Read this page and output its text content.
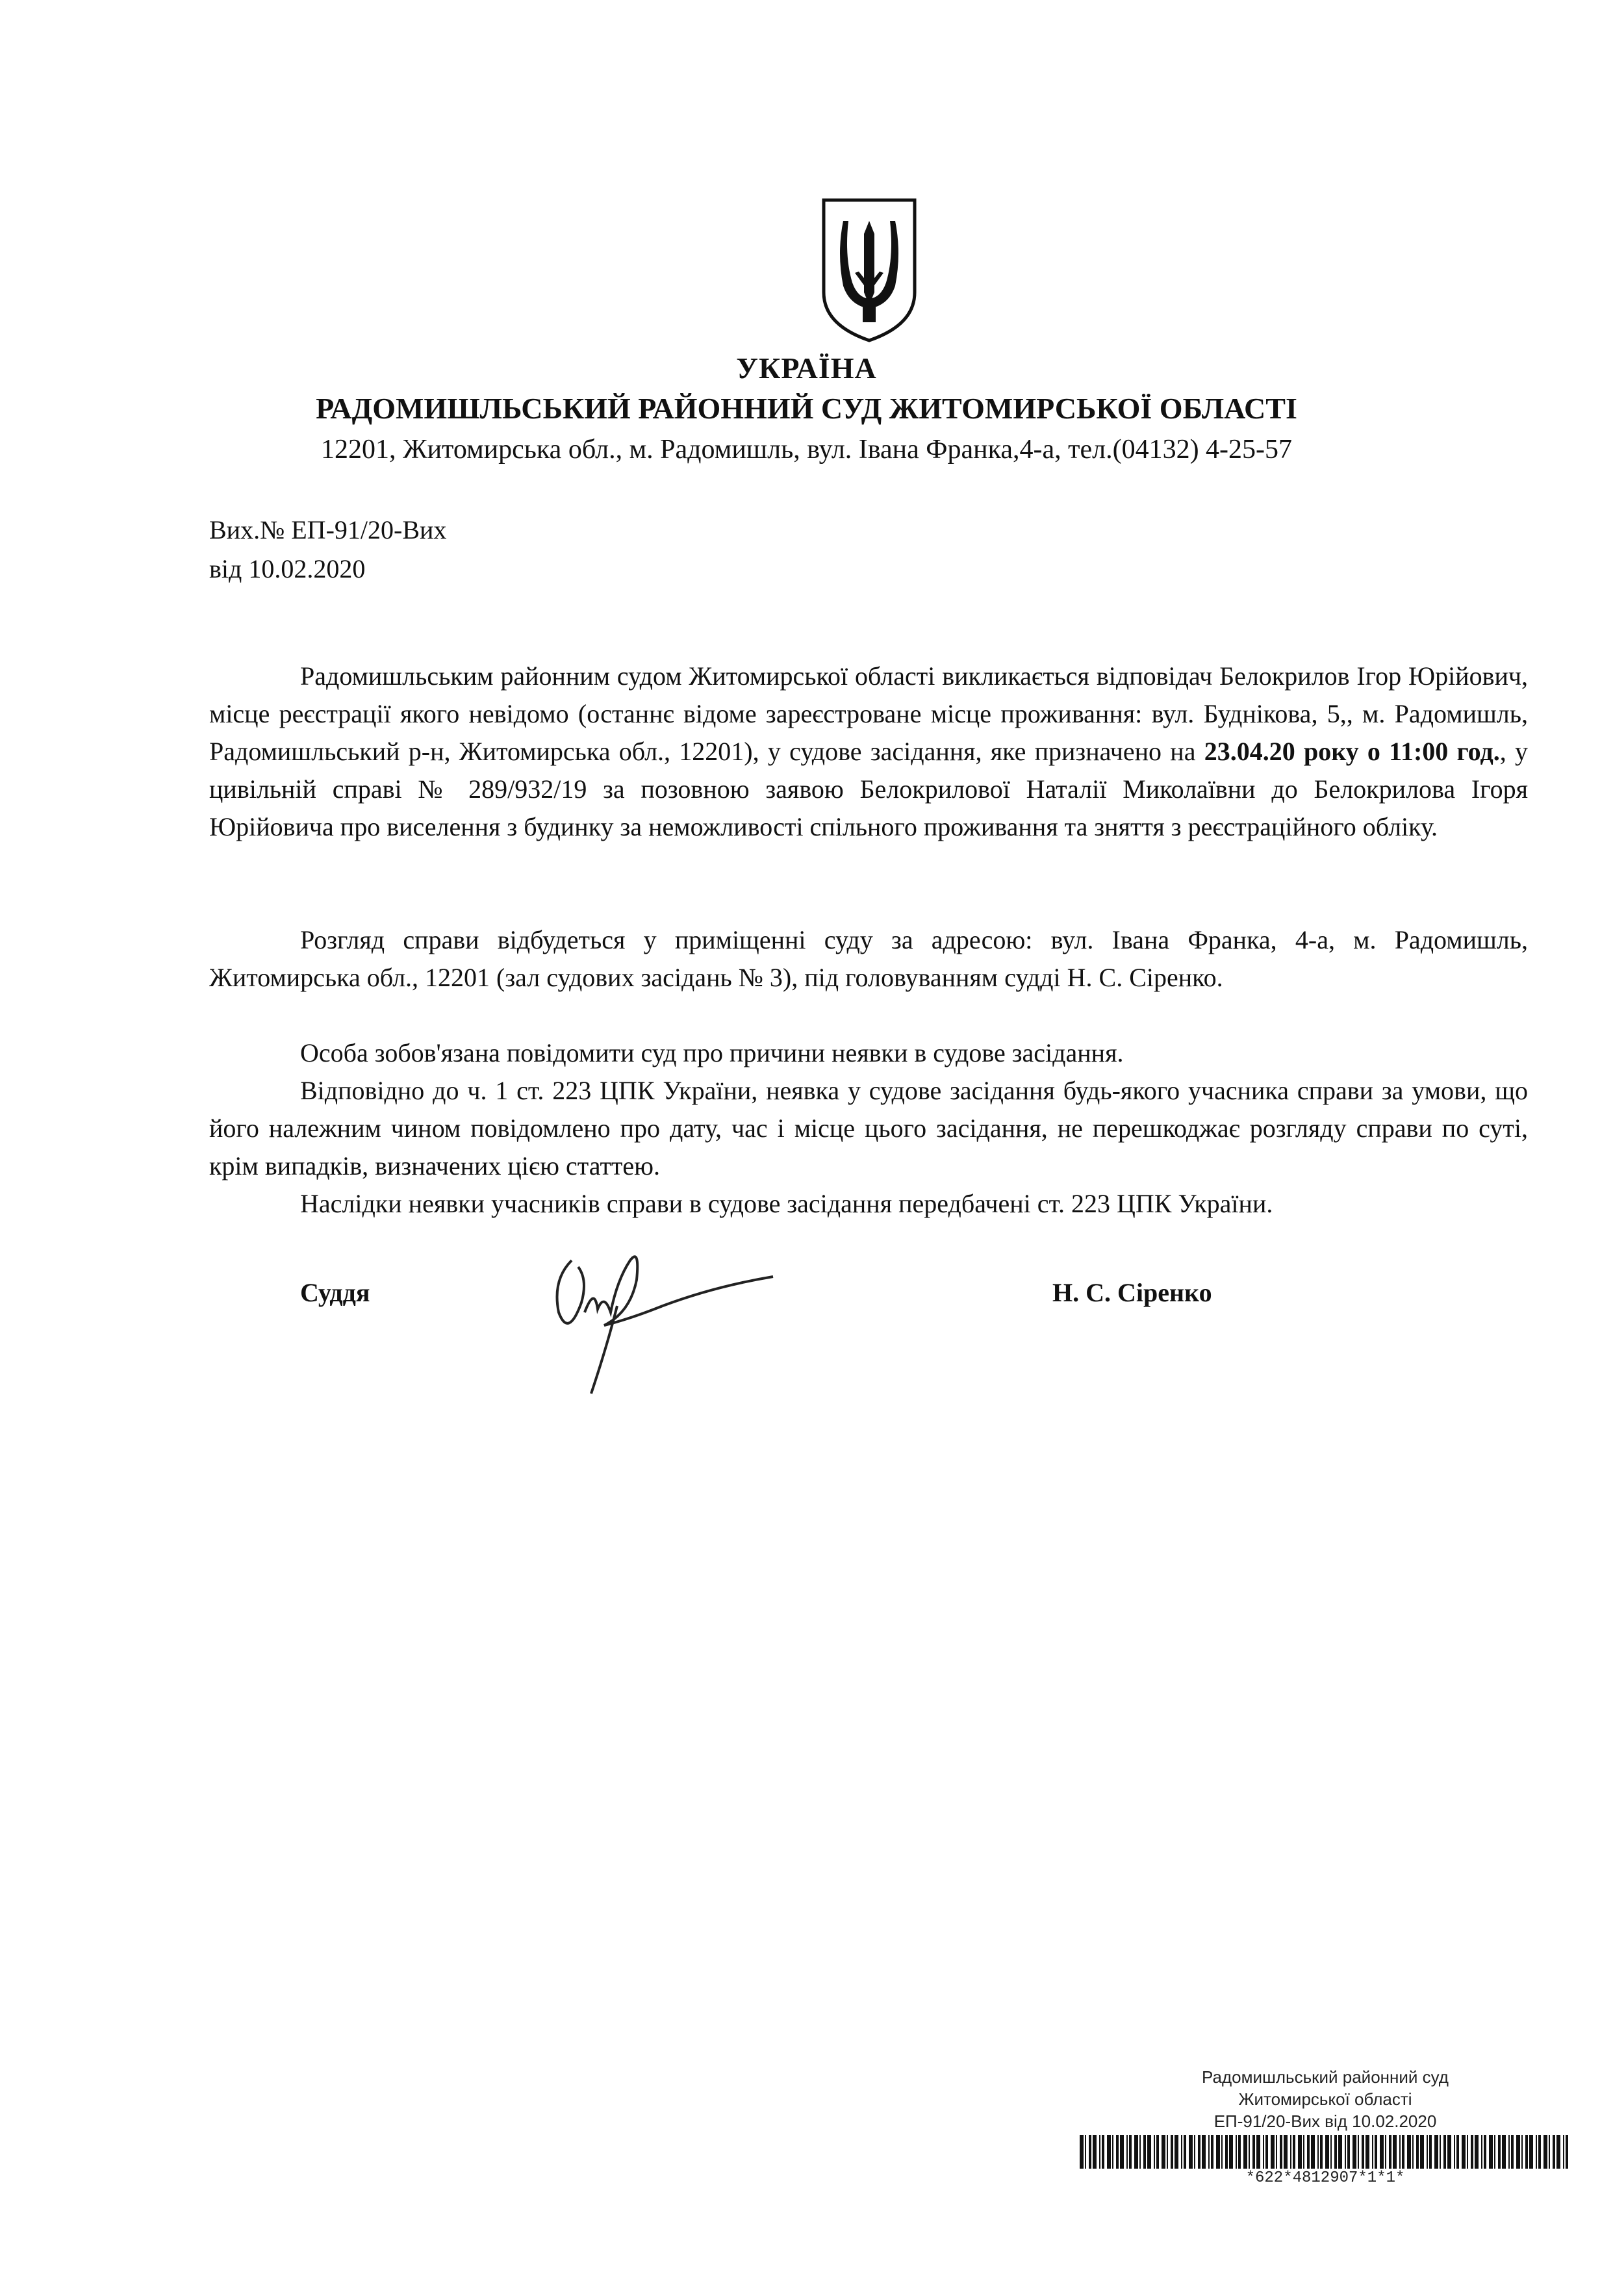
УКРАЇНА
РАДОМИШЛЬСЬКИЙ РАЙОННИЙ СУД ЖИТОМИРСЬКОЇ ОБЛАСТІ
12201, Житомирська обл., м. Радомишль, вул. Івана Франка,4-а, тел.(04132) 4-25-57
Вих.№ ЕП-91/20-Вих
від 10.02.2020
Радомишльським районним судом Житомирської області викликається відповідач Белокрилов Ігор Юрійович, місце реєстрації якого невідомо (останнє відоме зареєстроване місце проживання: вул. Буднікова, 5,, м. Радомишль, Радомишльський р-н, Житомирська обл., 12201), у судове засідання, яке призначено на 23.04.20 року о 11:00 год., у цивільній справі № 289/932/19 за позовною заявою Белокрилової Наталії Миколаївни до Белокрилова Ігоря Юрійовича про виселення з будинку за неможливості спільного проживання та зняття з реєстраційного обліку.
Розгляд справи відбудеться у приміщенні суду за адресою: вул. Івана Франка, 4-а, м. Радомишль, Житомирська обл., 12201 (зал судових засідань № 3), під головуванням судді Н. С. Сіренко.
Особа зобов'язана повідомити суд про причини неявки в судове засідання.
Відповідно до ч. 1 ст. 223 ЦПК України, неявка у судове засідання будь-якого учасника справи за умови, що його належним чином повідомлено про дату, час і місце цього засідання, не перешкоджає розгляду справи по суті, крім випадків, визначених цією статтею.
Наслідки неявки учасників справи в судове засідання передбачені ст. 223 ЦПК України.
Суддя	Н. С. Сіренко
Радомишльський районний суд
Житомирської області
ЕП-91/20-Вих від 10.02.2020
*622*4812907*1*1*
